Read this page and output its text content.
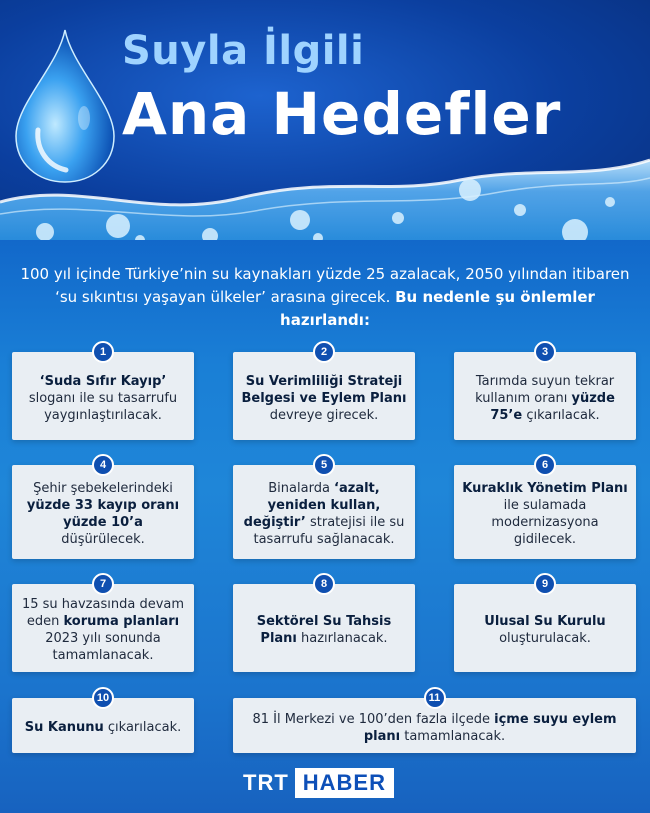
Suyla İlgili
Ana Hedefler
100 yıl içinde Türkiye’nin su kaynakları yüzde 25 azalacak, 2050 yılından itibaren ‘su sıkıntısı yaşayan ülkeler’ arasına girecek. Bu nedenle şu önlemler hazırlandı:
1
‘Suda Sıfır Kayıp’ sloganı ile su tasarrufu yaygınlaştırılacak.
2
Su Verimliliği Strateji Belgesi ve Eylem Planı devreye girecek.
3
Tarımda suyun tekrar kullanım oranı yüzde 75’e çıkarılacak.
4
Şehir şebekelerindeki yüzde 33 kayıp oranı yüzde 10’a düşürülecek.
5
Binalarda ‘azalt, yeniden kullan, değiştir’ stratejisi ile su tasarrufu sağlanacak.
6
Kuraklık Yönetim Planı ile sulamada modernizasyona gidilecek.
7
15 su havzasında devam eden koruma planları 2023 yılı sonunda tamamlanacak.
8
Sektörel Su Tahsis Planı hazırlanacak.
9
Ulusal Su Kurulu oluşturulacak.
10
Su Kanunu çıkarılacak.
11
81 İl Merkezi ve 100’den fazla ilçede içme suyu eylem planı tamamlanacak.
TRT HABER
